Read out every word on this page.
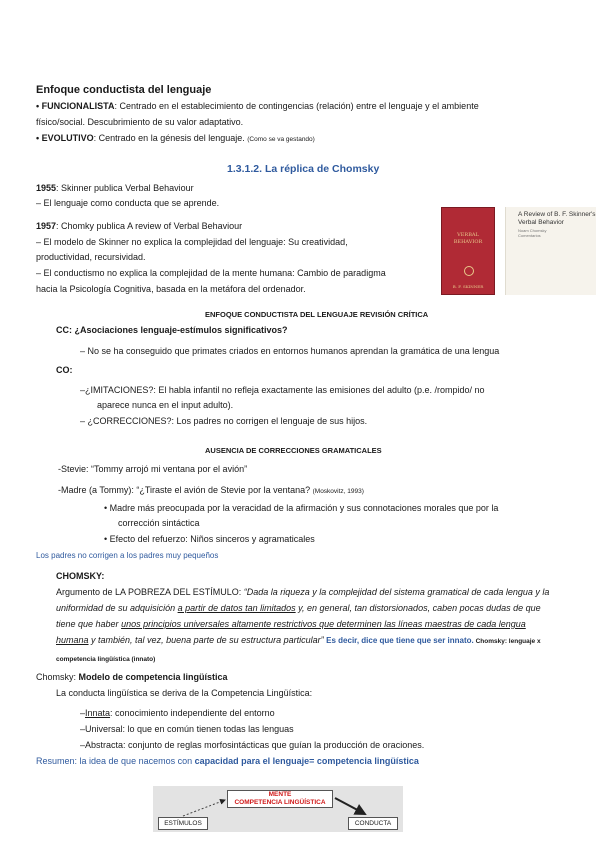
Enfoque conductista del lenguaje
• FUNCIONALISTA: Centrado en el establecimiento de contingencias (relación) entre el lenguaje y el ambiente
físico/social. Descubrimiento de su valor adaptativo.
• EVOLUTIVO: Centrado en la génesis del lenguaje. (Como se va gestando)
1.3.1.2. La réplica de Chomsky
1955: Skinner publica Verbal Behaviour
– El lenguaje como conducta que se aprende.
1957: Chomky publica A review of Verbal Behaviour
– El modelo de Skinner no explica la complejidad del lenguaje: Su creatividad,
productividad, recursividad.
– El conductismo no explica la complejidad de la mente humana: Cambio de paradigma
hacia la Psicología Cognitiva, basada en la metáfora del ordenador.
VERBAL
BEHAVIOR
B. F. SKINNER
A Review of B. F. Skinner's
Verbal Behavior
Noam Chomsky
Comentarios
ENFOQUE CONDUCTISTA DEL LENGUAJE REVISIÓN CRÍTICA
CC: ¿Asociaciones lenguaje-estímulos significativos?
– No se ha conseguido que primates criados en entornos humanos aprendan la gramática de una lengua
CO:
–¿IMITACIONES?: El habla infantil no refleja exactamente las emisiones del adulto (p.e. /rompido/ no
aparece nunca en el input adulto).
– ¿CORRECCIONES?: Los padres no corrigen el lenguaje de sus hijos.
AUSENCIA DE CORRECCIONES GRAMATICALES
-Stevie: “Tommy arrojó mi ventana por el avión”
-Madre (a Tommy): “¿Tiraste el avión de Stevie por la ventana? (Moskovitz, 1993)
• Madre más preocupada por la veracidad de la afirmación y sus connotaciones morales que por la
corrección sintáctica
• Efecto del refuerzo: Niños sinceros y agramaticales
Los padres no corrigen a los padres muy pequeños
CHOMSKY:
Argumento de LA POBREZA DEL ESTÍMULO: “Dada la riqueza y la complejidad del sistema gramatical de cada lengua y la uniformidad de su adquisición a partir de datos tan limitados y, en general, tan distorsionados, caben pocas dudas de que tiene que haber unos principios universales altamente restrictivos que determinen las líneas maestras de cada lengua humana y también, tal vez, buena parte de su estructura particular” Es decir, dice que tiene que ser innato. Chomsky: lenguaje x competencia lingüística (innato)
Chomsky: Modelo de competencia lingüística
La conducta lingüística se deriva de la Competencia Lingüística:
–Innata: conocimiento independiente del entorno
–Universal: lo que en común tienen todas las lenguas
–Abstracta: conjunto de reglas morfosintácticas que guían la producción de oraciones.
Resumen: la idea de que nacemos con capacidad para el lenguaje= competencia lingüística
MENTE
COMPETENCIA LINGÜÍSTICA
ESTÍMULOS	CONDUCTA
